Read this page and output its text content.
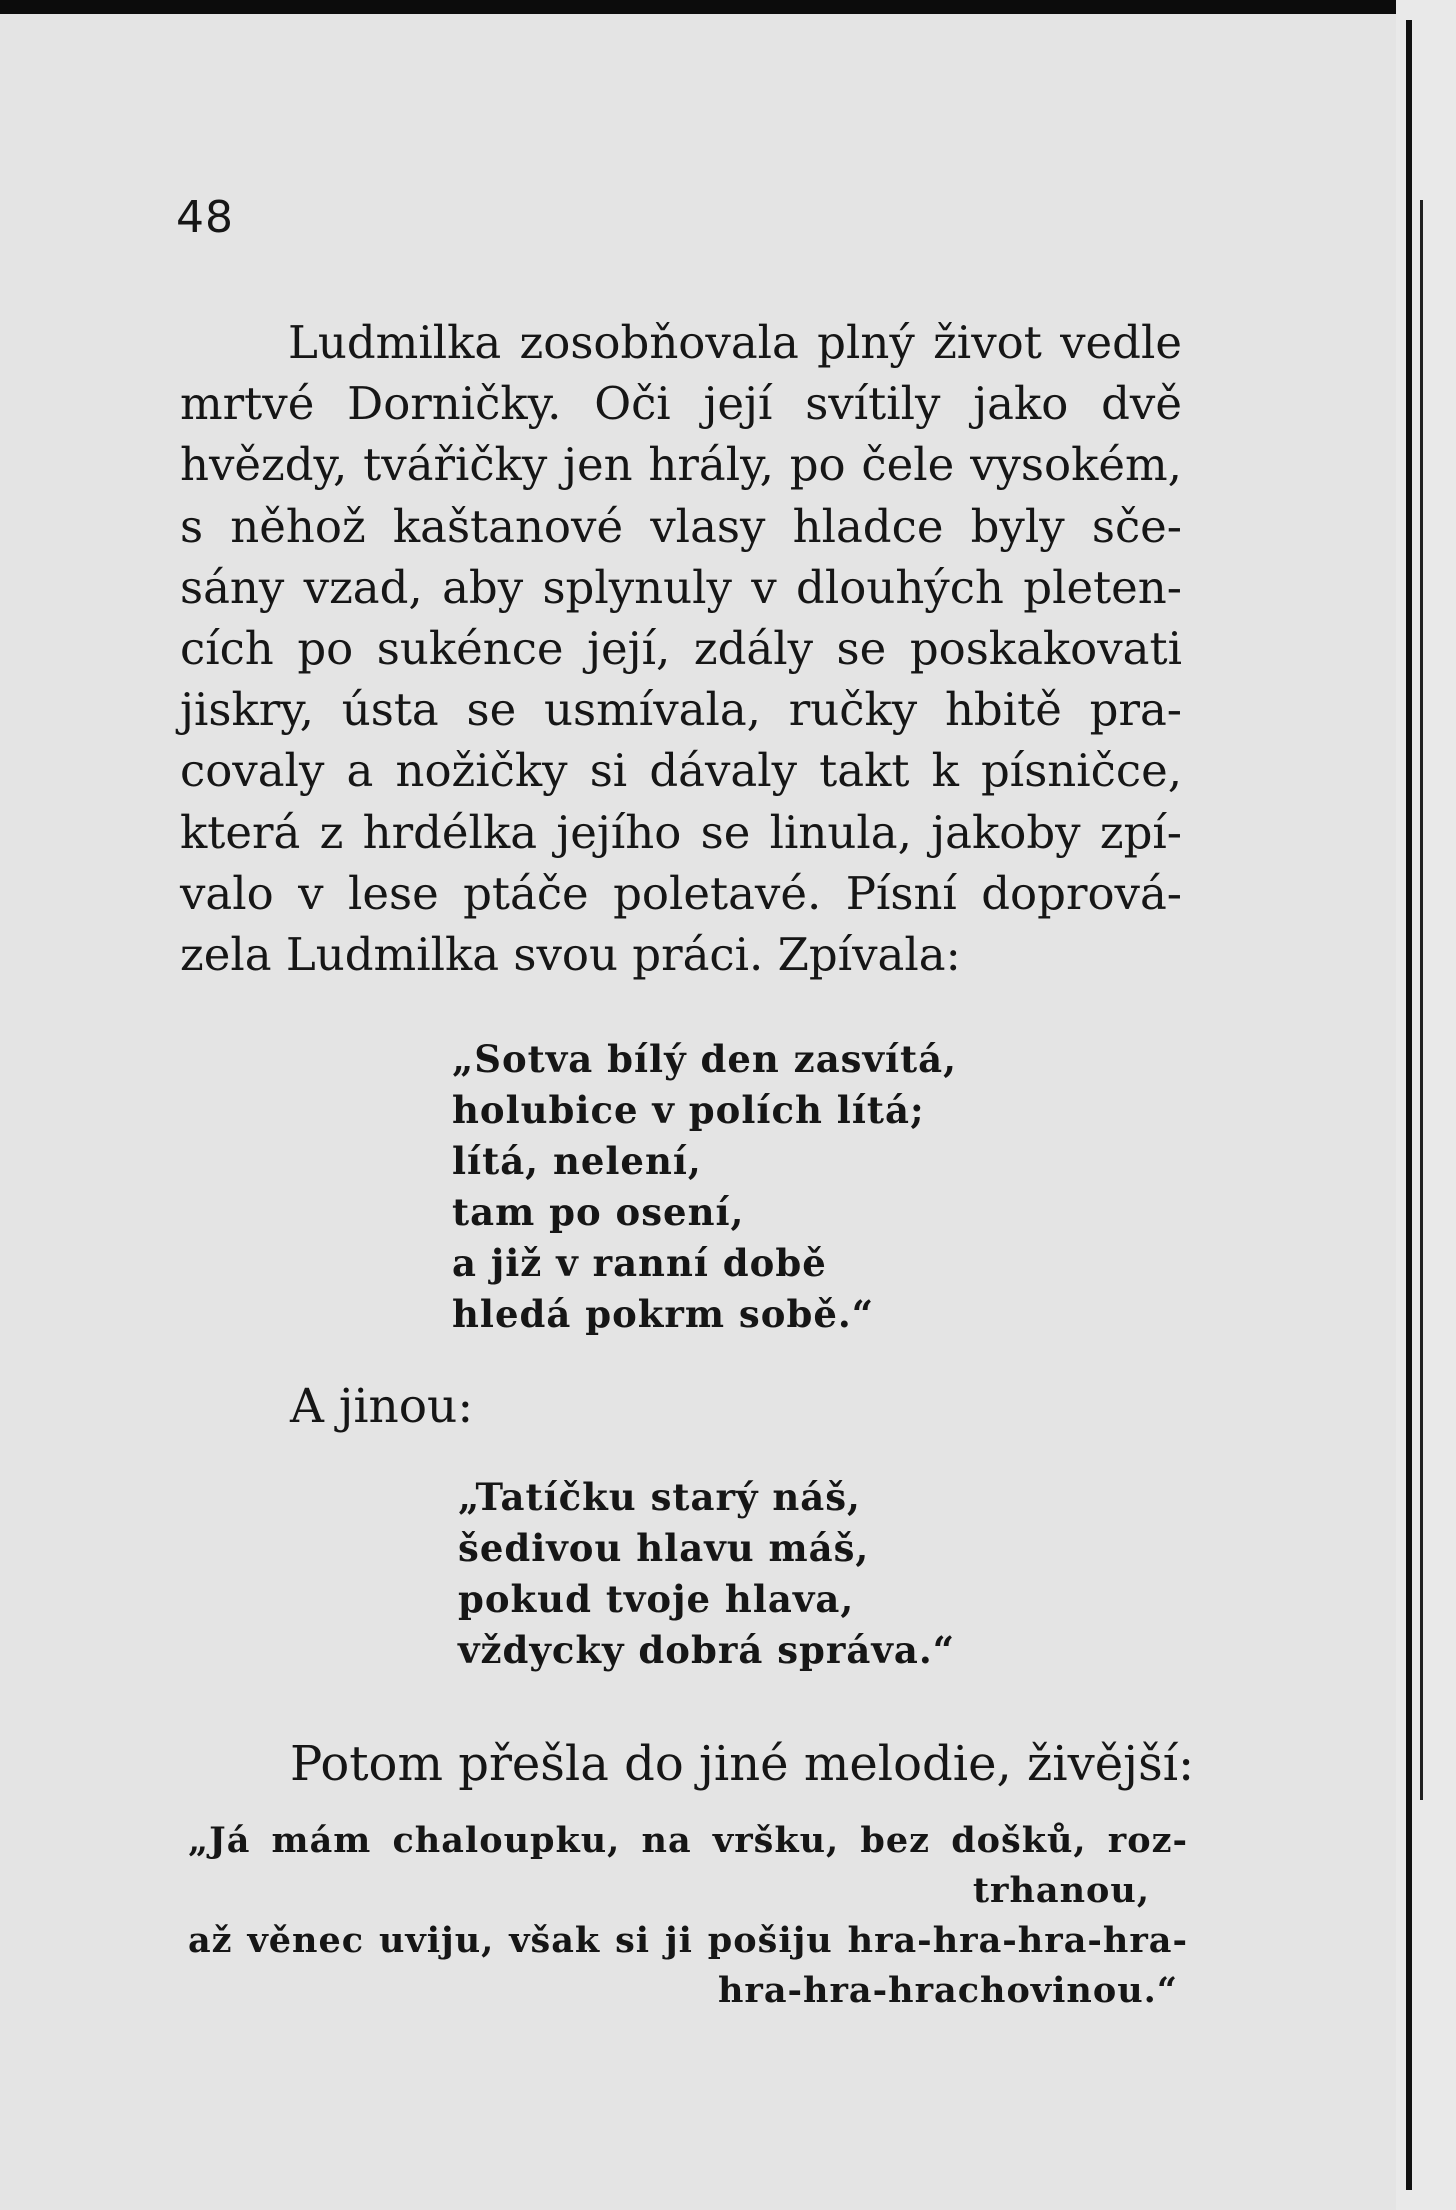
48
Ludmilka zosobňovala plný život vedle
mrtvé Dorničky. Oči její svítily jako dvě
hvězdy, tvářičky jen hrály, po čele vysokém,
s něhož kaštanové vlasy hladce byly sče-
sány vzad, aby splynuly v dlouhých pleten-
cích po sukénce její, zdály se poskakovati
jiskry, ústa se usmívala, ručky hbitě pra-
covaly a nožičky si dávaly takt k písničce,
která z hrdélka jejího se linula, jakoby zpí-
valo v lese ptáče poletavé. Písní doprová-
zela Ludmilka svou práci. Zpívala:
„Sotva bílý den zasvítá,
holubice v polích lítá;
lítá, nelení,
tam po osení,
a již v ranní době
hledá pokrm sobě.“
A jinou:
„Tatíčku starý náš,
šedivou hlavu máš,
pokud tvoje hlava,
vždycky dobrá správa.“
Potom přešla do jiné melodie, živější:
„Já mám chaloupku, na vršku, bez došků, roz-
trhanou,
až věnec uviju, však si ji pošiju hra-hra-hra-hra-
hra-hra-hrachovinou.“
